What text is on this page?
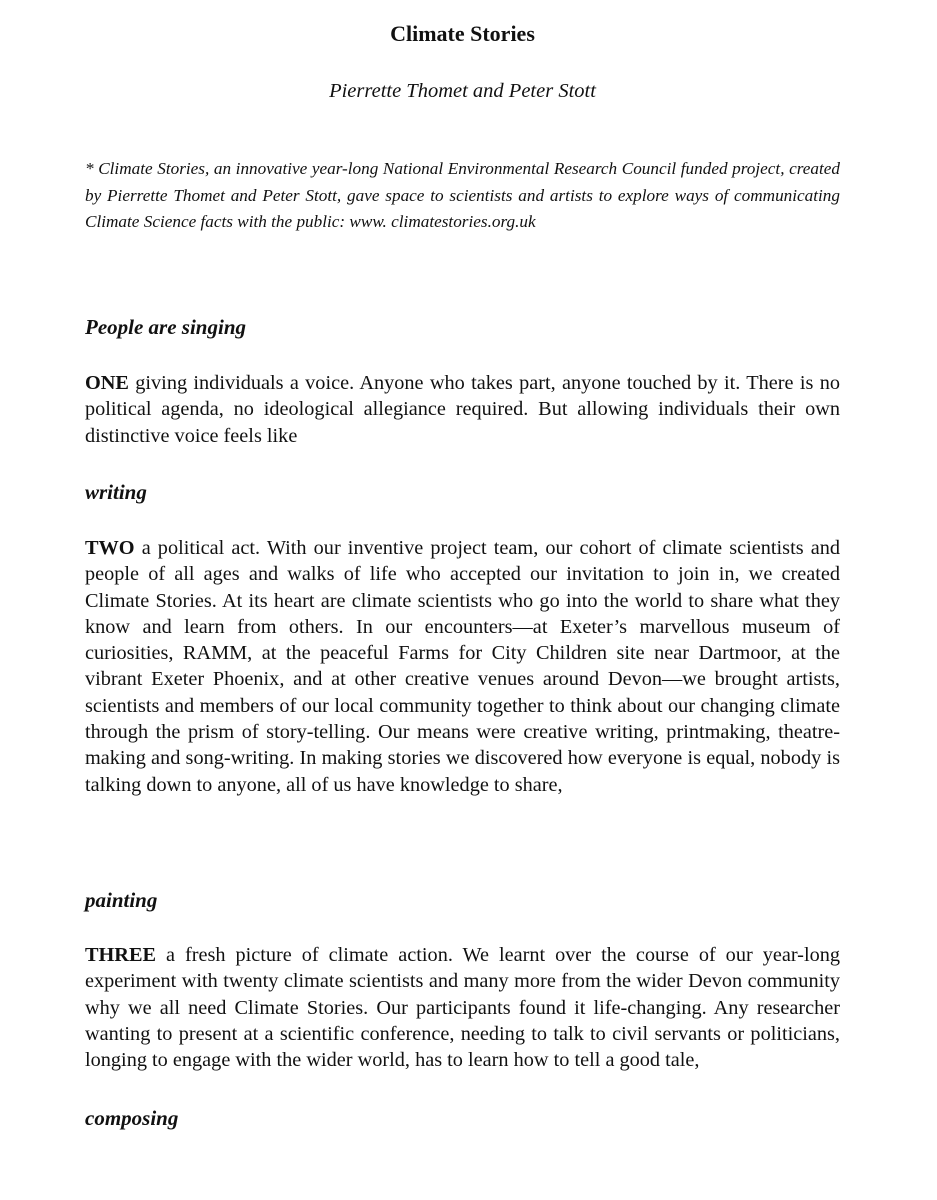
Climate Stories

Pierrette Thomet and Peter Stott

* Climate Stories, an innovative year-long National Environmental Research Council funded project, created by Pierrette Thomet and Peter Stott, gave space to scientists and artists to explore ways of communicating Climate Science facts with the public: www. climatestories.org.uk

People are singing

ONE giving individuals a voice. Anyone who takes part, anyone touched by it. There is no political agenda, no ideological allegiance required. But allowing individuals their own distinctive voice feels like

writing

TWO a political act. With our inventive project team, our cohort of climate scientists and people of all ages and walks of life who accepted our invitation to join in, we created Climate Stories. At its heart are climate scientists who go into the world to share what they know and learn from others. In our encounters—at Exeter’s marvellous museum of curiosities, RAMM, at the peaceful Farms for City Children site near Dartmoor, at the vibrant Exeter Phoenix, and at other creative venues around Devon—we brought artists, scientists and members of our local community together to think about our changing climate through the prism of story-telling. Our means were creative writing, printmaking, theatre-making and song-writing. In making stories we discovered how everyone is equal, nobody is talking down to anyone, all of us have knowledge to share,

painting

THREE a fresh picture of climate action. We learnt over the course of our year-long experiment with twenty climate scientists and many more from the wider Devon community why we all need Climate Stories. Our participants found it life-changing. Any researcher wanting to present at a scientific conference, needing to talk to civil servants or politicians, longing to engage with the wider world, has to learn how to tell a good tale,

composing
